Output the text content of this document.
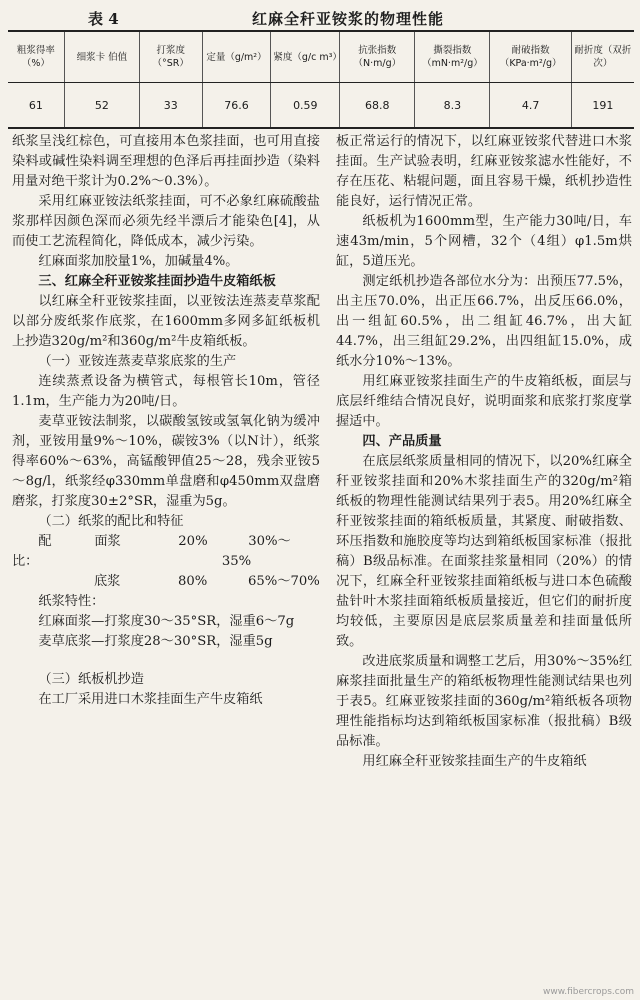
表 4	红麻全秆亚铵浆的物理性能
粗浆得率（%）	细浆卡 伯值	打浆度（°SR）	定量（g/m²）	紧度（g/c m³）	抗张指数（N·m/g）	撕裂指数（mN·m²/g）	耐破指数（KPa·m²/g）	耐折度（双折次）
61	52	33	76.6	0.59	68.8	8.3	4.7	191

纸浆呈浅红棕色，可直接用本色浆挂面，也可用直接染料或碱性染料调至理想的色泽后再挂面抄造（染料用量对绝干浆计为0.2%～0.3%）。

采用红麻亚铵法纸浆挂面，可不必象红麻硫酸盐浆那样因颜色深而必须先经半漂后才能染色[4]，从而使工艺流程简化，降低成本，减少污染。

红麻面浆加胶量1%，加碱量4%。

三、红麻全秆亚铵浆挂面抄造牛皮箱纸板

以红麻全秆亚铵浆挂面，以亚铵法连蒸麦草浆配以部分废纸浆作底浆，在1600mm多网多缸纸板机上抄造320g/m²和360g/m²牛皮箱纸板。

（一）亚铵连蒸麦草浆底浆的生产

连续蒸煮设备为横管式，每根管长10m，管径1.1m，生产能力为20吨/日。

麦草亚铵法制浆，以碳酸氢铵或氢氧化钠为缓冲剂，亚铵用量9%～10%，碳铵3%（以N计），纸浆得率60%～63%，高锰酸钾值25～28，残余亚铵5～8g/l，纸浆经φ330mm单盘磨和φ450mm双盘磨磨浆，打浆度30±2°SR，湿重为5g。

（二）纸浆的配比和特征

配比：
面浆	20%	30%～35%
底浆	80%	65%～70%

纸浆特性：

红麻面浆—打浆度30～35°SR，湿重6～7g

麦草底浆—打浆度28～30°SR，湿重5g

（三）纸板机抄造

在工厂采用进口木浆挂面生产牛皮箱纸

板正常运行的情况下，以红麻亚铵浆代替进口木浆挂面。生产试验表明，红麻亚铵浆滤水性能好，不存在压花、粘辊问题，面且容易干燥，纸机抄造性能良好，运行情况正常。

纸板机为1600mm型，生产能力30吨/日，车速43m/min，5个网槽，32个（4组）φ1.5m烘缸，5道压光。

测定纸机抄造各部位水分为：出预压77.5%，出主压70.0%，出正压66.7%，出反压66.0%，出一组缸60.5%，出二组缸46.7%，出大缸44.7%，出三组缸29.2%，出四组缸15.0%，成纸水分10%～13%。

用红麻亚铵浆挂面生产的牛皮箱纸板，面层与底层纤维结合情况良好，说明面浆和底浆打浆度掌握适中。

四、产品质量

在底层纸浆质量相同的情况下，以20%红麻全秆亚铵浆挂面和20%木浆挂面生产的320g/m²箱纸板的物理性能测试结果列于表5。用20%红麻全秆亚铵浆挂面的箱纸板质量，其紧度、耐破指数、环压指数和施胶度等均达到箱纸板国家标准（报批稿）B级品标准。在面浆挂浆量相同（20%）的情况下，红麻全秆亚铵浆挂面箱纸板与进口本色硫酸盐针叶木浆挂面箱纸板质量接近，但它们的耐折度均较低，主要原因是底层浆质量差和挂面量低所致。

改进底浆质量和调整工艺后，用30%～35%红麻浆挂面批量生产的箱纸板物理性能测试结果也列于表5。红麻亚铵浆挂面的360g/m²箱纸板各项物理性能指标均达到箱纸板国家标准（报批稿）B级品标准。

用红麻全秆亚铵浆挂面生产的牛皮箱纸

www.fibercrops.com
